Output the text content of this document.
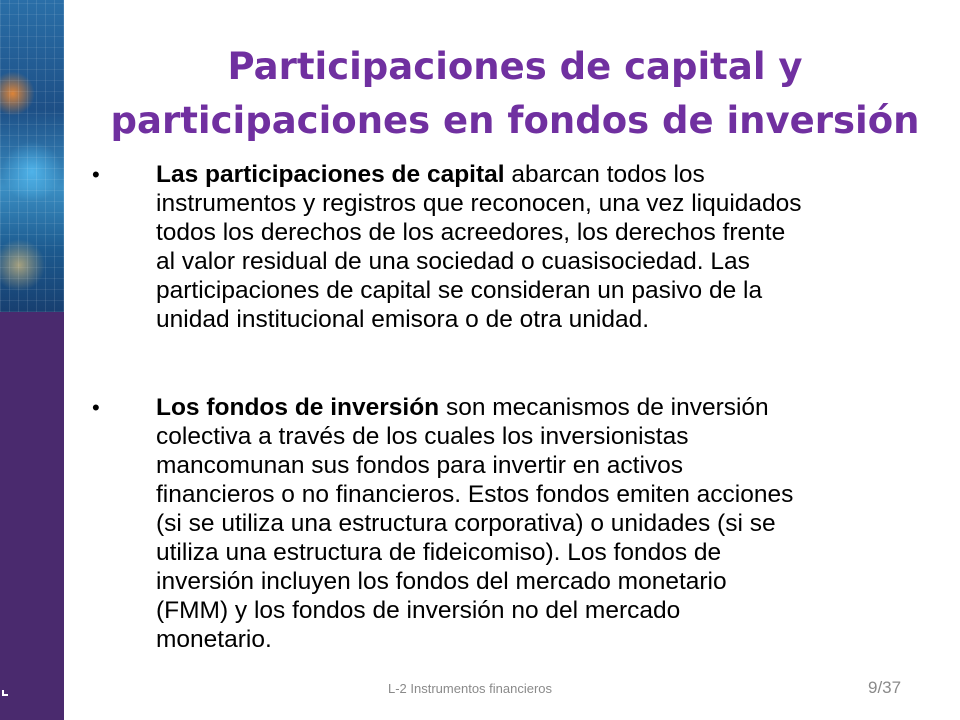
Participaciones de capital y
participaciones en fondos de inversión
•	Las participaciones de capital abarcan todos los
instrumentos y registros que reconocen, una vez liquidados
todos los derechos de los acreedores, los derechos frente
al valor residual de una sociedad o cuasisociedad. Las
participaciones de capital se consideran un pasivo de la
unidad institucional emisora o de otra unidad.
•	Los fondos de inversión son mecanismos de inversión
colectiva a través de los cuales los inversionistas
mancomunan sus fondos para invertir en activos
financieros o no financieros. Estos fondos emiten acciones
(si se utiliza una estructura corporativa) o unidades (si se
utiliza una estructura de fideicomiso). Los fondos de
inversión incluyen los fondos del mercado monetario
(FMM) y los fondos de inversión no del mercado
monetario.
L-2 Instrumentos financieros	9/37
